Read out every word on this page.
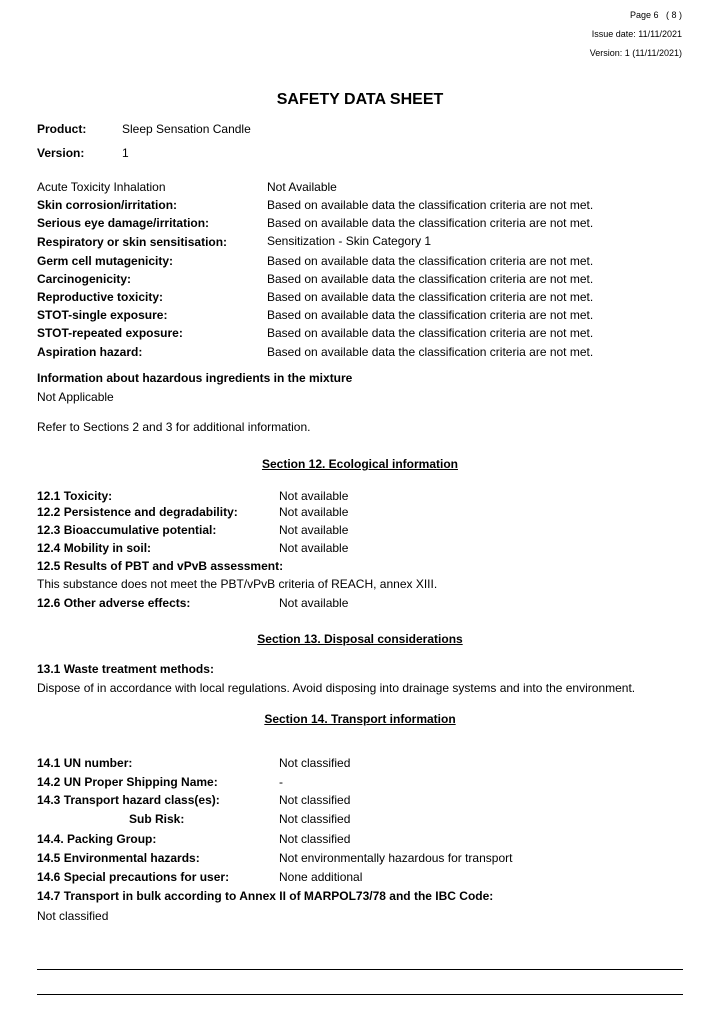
Page 6 ( 8 )
Issue date: 11/11/2021
Version: 1 (11/11/2021)
SAFETY DATA SHEET
Product:	Sleep Sensation Candle
Version:	1
Acute Toxicity Inhalation	Not Available
Skin corrosion/irritation:	Based on available data the classification criteria are not met.
Serious eye damage/irritation:	Based on available data the classification criteria are not met.
Respiratory or skin sensitisation:	Sensitization - Skin Category 1
Germ cell mutagenicity:	Based on available data the classification criteria are not met.
Carcinogenicity:	Based on available data the classification criteria are not met.
Reproductive toxicity:	Based on available data the classification criteria are not met.
STOT-single exposure:	Based on available data the classification criteria are not met.
STOT-repeated exposure:	Based on available data the classification criteria are not met.
Aspiration hazard:	Based on available data the classification criteria are not met.
Information about hazardous ingredients in the mixture
Not Applicable
Refer to Sections 2 and 3 for additional information.
Section 12. Ecological information
12.1 Toxicity:	Not available
12.2 Persistence and degradability:	Not available
12.3 Bioaccumulative potential:	Not available
12.4 Mobility in soil:	Not available
12.5 Results of PBT and vPvB assessment:
This substance does not meet the PBT/vPvB criteria of REACH, annex XIII.
12.6 Other adverse effects:	Not available
Section 13. Disposal considerations
13.1 Waste treatment methods:
Dispose of in accordance with local regulations. Avoid disposing into drainage systems and into the environment.
Section 14. Transport information
14.1 UN number:	Not classified
14.2 UN Proper Shipping Name:	-
14.3 Transport hazard class(es):	Not classified
Sub Risk:	Not classified
14.4. Packing Group:	Not classified
14.5 Environmental hazards:	Not environmentally hazardous for transport
14.6 Special precautions for user:	None additional
14.7 Transport in bulk according to Annex II of MARPOL73/78 and the IBC Code:
Not classified
